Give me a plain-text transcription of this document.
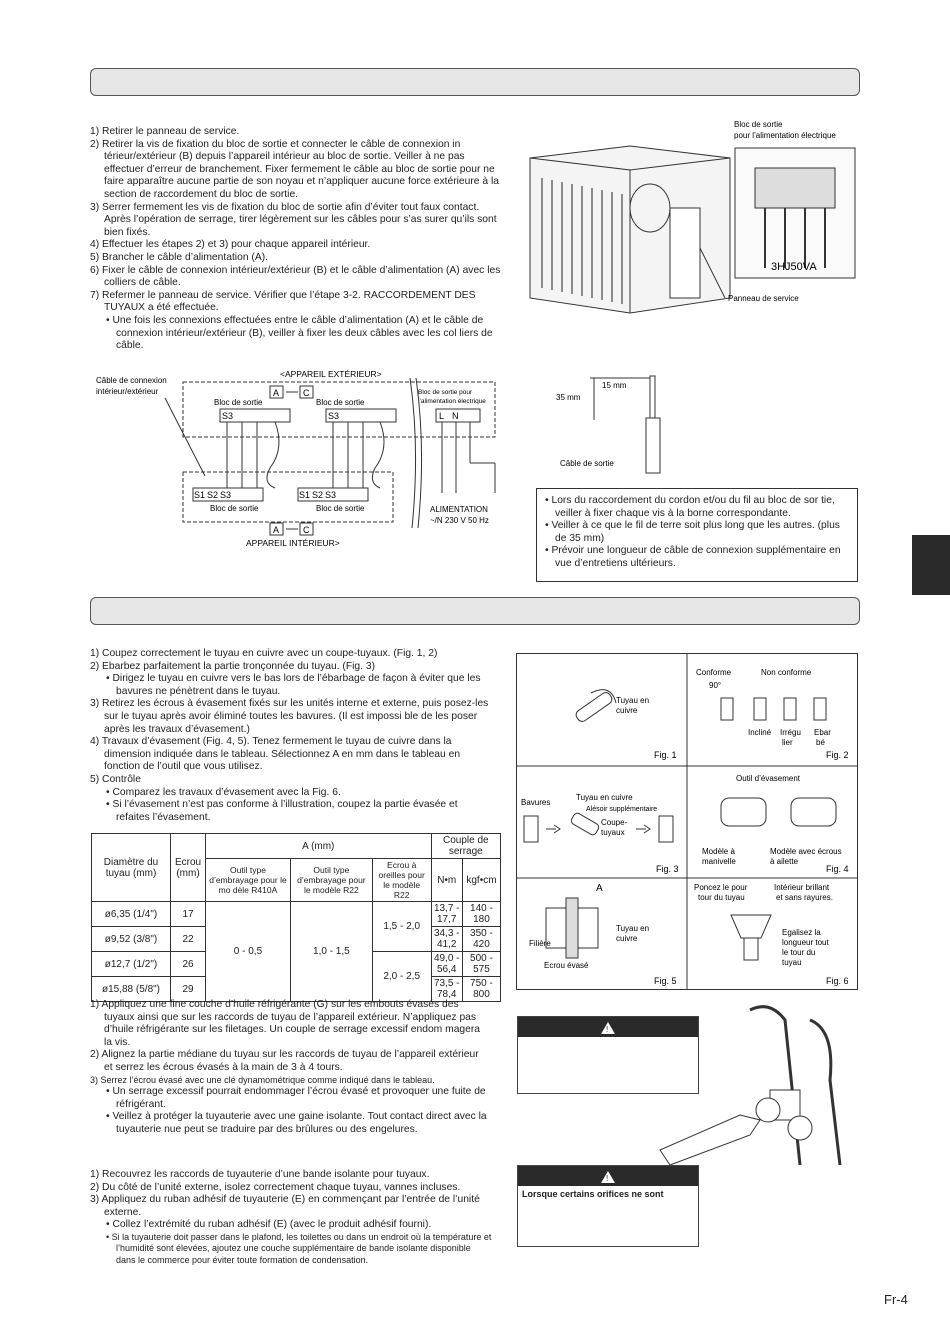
1) Retirer le panneau de service.
2) Retirer la vis de fixation du bloc de sortie et connecter le câble de connexion in térieur/extérieur (B) depuis l’appareil intérieur au bloc de sortie. Veiller à ne pas effectuer d’erreur de branchement. Fixer fermement le câble au bloc de sortie pour ne faire apparaître aucune partie de son noyau et n’appliquer aucune force extérieure à la section de raccordement du bloc de sortie.
3) Serrer fermement les vis de fixation du bloc de sortie afin d’éviter tout faux contact. Après l’opération de serrage, tirer légèrement sur les câbles pour s’as surer qu’ils sont bien fixés.
4) Effectuer les étapes 2) et 3) pour chaque appareil intérieur.
5) Brancher le câble d’alimentation (A).
6) Fixer le câble de connexion intérieur/extérieur (B) et le câble d’alimentation (A) avec les colliers de câble.
7) Refermer le panneau de service. Vérifier que l’étape 3-2. RACCORDEMENT DES TUYAUX a été effectuée.
• Une fois les connexions effectuées entre le câble d’alimentation (A) et le câble de connexion intérieur/extérieur (B), veiller à fixer les deux câbles avec les col liers de câble.
Bloc de sortie
pour l’alimentation électrique
3HJ50VA
Panneau de service
<APPAREIL EXTÉRIEUR>
Câble de connexion
intérieur/extérieur	A	C
Bloc de sortie	Bloc de sortie
Bloc de sortie pour
l’alimentation électrique
S3	S3	L N
S1 S2 S3	S1 S2 S3
Bloc de sortie	Bloc de sortie
A	C
APPAREIL INTÉRIEUR>
ALIMENTATION
~/N 230 V 50 Hz
15 mm
35 mm
Câble de sortie
• Lors du raccordement du cordon et/ou du fil au bloc de sor tie, veiller à fixer chaque vis à la borne correspondante.
• Veiller à ce que le fil de terre soit plus long que les autres. (plus de 35 mm)
• Prévoir une longueur de câble de connexion supplémentaire en vue d’entretiens ultérieurs.
1) Coupez correctement le tuyau en cuivre avec un coupe-tuyaux. (Fig. 1, 2)
2) Ebarbez parfaitement la partie tronçonnée du tuyau. (Fig. 3)
• Dirigez le tuyau en cuivre vers le bas lors de l’ébarbage de façon à éviter que les bavures ne pénètrent dans le tuyau.
3) Retirez les écrous à évasement fixés sur les unités interne et externe, puis posez-les sur le tuyau après avoir éliminé toutes les bavures. (Il est impossi ble de les poser après les travaux d’évasement.)
4) Travaux d’évasement (Fig. 4, 5). Tenez fermement le tuyau de cuivre dans la dimension indiquée dans le tableau. Sélectionnez A en mm dans le tableau en fonction de l’outil que vous utilisez.
5) Contrôle
• Comparez les travaux d’évasement avec la Fig. 6.
• Si l’évasement n’est pas conforme à l’illustration, coupez la partie évasée et refaites l’évasement.
Diamètre du tuyau (mm)	Ecrou (mm)	A (mm)			Couple de serrage	
		Outil type d’embrayage pour le mo dèle R410A	Outil type d’embrayage pour le modèle R22	Ecrou à oreilles pour le modèle R22	N•m	kgf•cm
ø6,35 (1/4")	17	0 - 0,5	1,0 - 1,5	1,5 - 2,0	13,7 - 17,7	140 - 180
ø9,52 (3/8")	22				34,3 - 41,2	350 - 420
ø12,7 (1/2")	26			2,0 - 2,5	49,0 - 56,4	500 - 575
ø15,88 (5/8")	29				73,5 - 78,4	750 - 800
Tuyau en
cuivre
Fig. 1
Conforme	Non conforme
90°
Incliné Irrégu
lier
Ebar
bé
Fig. 2
Bavures
Tuyau en cuivre
Alésoir supplémentaire
Coupe-
tuyaux
Fig. 3
Outil d’évasement
Modèle à
manivelle
Modèle avec écrous
à ailette
Fig. 4
A
Tuyau en
cuivre
Filière
Ecrou évasé
Fig. 5
Poncez le pour
tour du tuyau
Intérieur brillant
et sans rayures.
Egalisez la
longueur tout
le tour du
tuyau
Fig. 6
1) Appliquez une fine couche d’huile réfrigérante (G) sur les embouts évasés des tuyaux ainsi que sur les raccords de tuyau de l’appareil extérieur. N’appliquez pas d’huile réfrigérante sur les filetages. Un couple de serrage excessif endom magera la vis.
2) Alignez la partie médiane du tuyau sur les raccords de tuyau de l’appareil extérieur et serrez les écrous évasés à la main de 3 à 4 tours.
3) Serrez l’écrou évasé avec une clé dynamométrique comme indiqué dans le tableau.
• Un serrage excessif pourrait endommager l’écrou évasé et provoquer une fuite de réfrigérant.
• Veillez à protéger la tuyauterie avec une gaine isolante. Tout contact direct avec la tuyauterie nue peut se traduire par des brûlures ou des engelures.
!
1) Recouvrez les raccords de tuyauterie d’une bande isolante pour tuyaux.
2) Du côté de l’unité externe, isolez correctement chaque tuyau, vannes incluses.
3) Appliquez du ruban adhésif de tuyauterie (E) en commençant par l’entrée de l’unité externe.
• Collez l’extrémité du ruban adhésif (E) (avec le produit adhésif fourni).
• Si la tuyauterie doit passer dans le plafond, les toilettes ou dans un endroit où la température et l’humidité sont élevées, ajoutez une couche supplémentaire de bande isolante disponible dans le commerce pour éviter toute formation de condensation.
!
Lorsque certains orifices ne sont
Fr-4
